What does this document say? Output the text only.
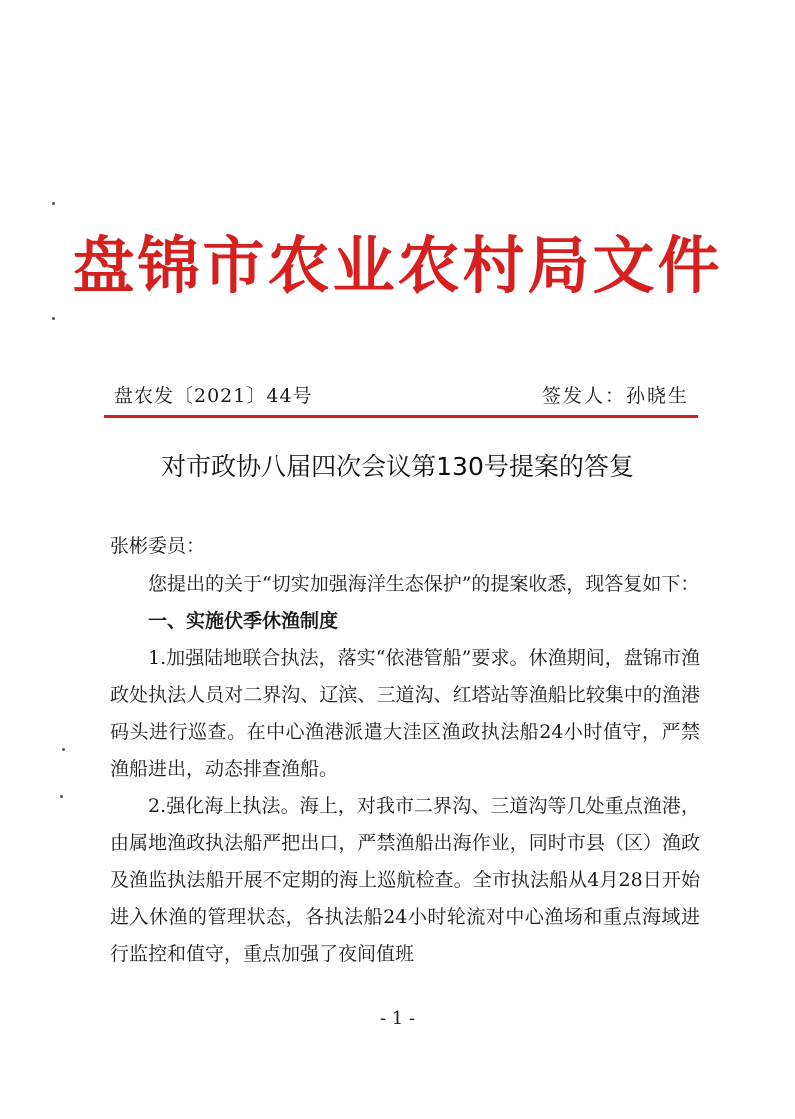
盘锦市农业农村局文件
盘农发〔2021〕44号	签发人：孙晓生
对市政协八届四次会议第130号提案的答复
张彬委员：

您提出的关于“切实加强海洋生态保护”的提案收悉，现答复如下：

一、实施伏季休渔制度

1.加强陆地联合执法，落实“依港管船”要求。休渔期间，盘锦市渔政处执法人员对二界沟、辽滨、三道沟、红塔站等渔船比较集中的渔港码头进行巡查。在中心渔港派遣大洼区渔政执法船24小时值守，严禁渔船进出，动态排查渔船。

2.强化海上执法。海上，对我市二界沟、三道沟等几处重点渔港，由属地渔政执法船严把出口，严禁渔船出海作业，同时市县（区）渔政及渔监执法船开展不定期的海上巡航检查。全市执法船从4月28日开始进入休渔的管理状态，各执法船24小时轮流对中心渔场和重点海域进行监控和值守，重点加强了夜间值班

- 1 -
